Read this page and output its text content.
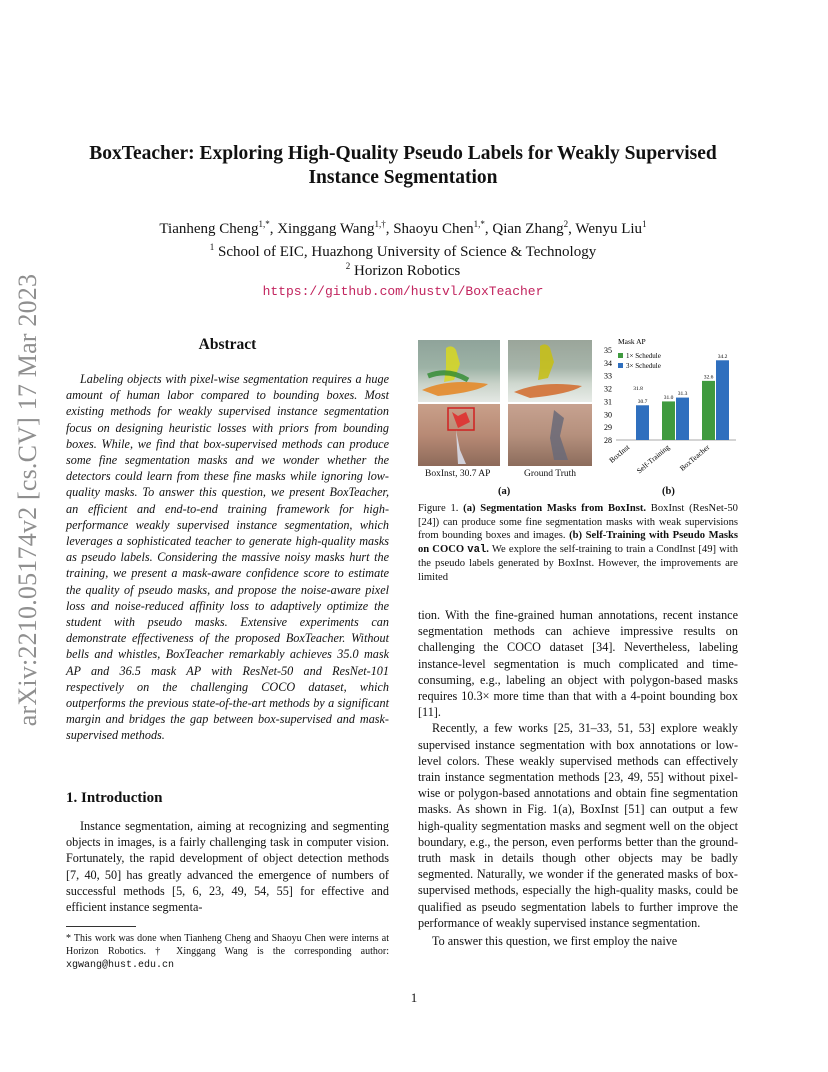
arXiv:2210.05174v2 [cs.CV] 17 Mar 2023
BoxTeacher: Exploring High-Quality Pseudo Labels for Weakly Supervised
Instance Segmentation
Tianheng Cheng$^{1,*}$, Xinggang Wang$^{1,\dagger}$, Shaoyu Chen$^{1,*}$, Qian Zhang$^2$, Wenyu Liu$^1$
$^1$ School of EIC, Huazhong University of Science & Technology
$^2$ Horizon Robotics
https://github.com/hustvl/BoxTeacher
Abstract
Labeling objects with pixel-wise segmentation requires a huge amount of human labor compared to bounding boxes. Most existing methods for weakly supervised instance segmentation focus on designing heuristic losses with priors from bounding boxes. While, we find that box-supervised methods can produce some fine segmentation masks and we wonder whether the detectors could learn from these fine masks while ignoring low-quality masks. To answer this question, we present BoxTeacher, an efficient and end-to-end training framework for high-performance weakly supervised instance segmentation, which leverages a sophisticated teacher to generate high-quality masks as pseudo labels. Considering the massive noisy masks hurt the training, we present a mask-aware confidence score to estimate the quality of pseudo masks, and propose the noise-aware pixel loss and noise-reduced affinity loss to adaptively optimize the student with pseudo masks. Extensive experiments can demonstrate effectiveness of the proposed BoxTeacher. Without bells and whistles, BoxTeacher remarkably achieves 35.0 mask AP and 36.5 mask AP with ResNet-50 and ResNet-101 respectively on the challenging COCO dataset, which outperforms the previous state-of-the-art methods by a significant margin and bridges the gap between box-supervised and mask-supervised methods.
1. Introduction
Instance segmentation, aiming at recognizing and segmenting objects in images, is a fairly challenging task in computer vision. Fortunately, the rapid development of object detection methods [7, 40, 50] has greatly advanced the emergence of numbers of successful methods [5, 6, 23, 49, 54, 55] for effective and efficient instance segmenta-
* This work was done when Tianheng Cheng and Shaoyu Chen were interns at Horizon Robotics. † Xinggang Wang is the corresponding author: xgwang@hust.edu.cn
BoxInst, 30.7 AP	Ground Truth
(a)	(b)
Mask AP
28
29
30
31
32
33
34
35
30.7
BoxInst
31.0
31.3
Self-Training
32.6
34.2
BoxTeacher
31.8
1× Schedule
3× Schedule
Figure 1. (a) Segmentation Masks from BoxInst. BoxInst (ResNet-50 [24]) can produce some fine segmentation masks with weak supervisions from bounding boxes and images. (b) Self-Training with Pseudo Masks on COCO val. We explore the self-training to train a CondInst [49] with the pseudo labels generated by BoxInst. However, the improvements are limited

tion. With the fine-grained human annotations, recent instance segmentation methods can achieve impressive results on challenging the COCO dataset [34]. Nevertheless, labeling instance-level segmentation is much complicated and time-consuming, e.g., labeling an object with polygon-based masks requires 10.3× more time than that with a 4-point bounding box [11].

Recently, a few works [25, 31–33, 51, 53] explore weakly supervised instance segmentation with box annotations or low-level colors. These weakly supervised methods can effectively train instance segmentation methods [23, 49, 55] without pixel-wise or polygon-based annotations and obtain fine segmentation masks. As shown in Fig. 1(a), BoxInst [51] can output a few high-quality segmentation masks and segment well on the object boundary, e.g., the person, even performs better than the ground-truth mask in details though other objects may be badly segmented. Naturally, we wonder if the generated masks of box-supervised methods, especially the high-quality masks, could be qualified as pseudo segmentation labels to further improve the performance of weakly supervised instance segmentation.

To answer this question, we first employ the naive

1
